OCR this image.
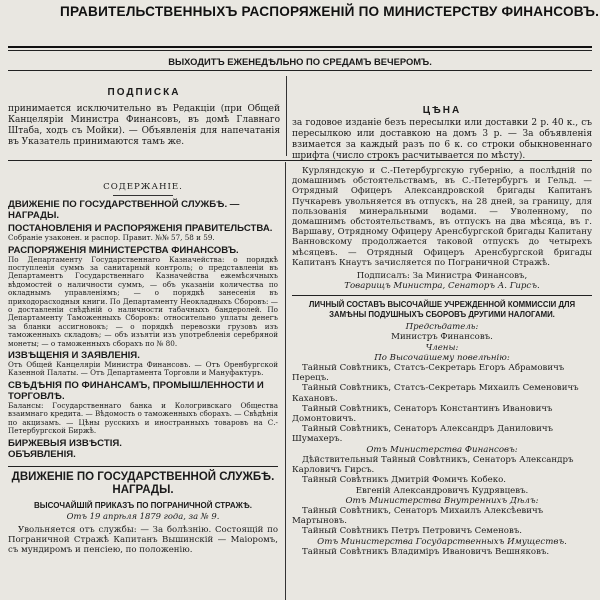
ПРАВИТЕЛЬСТВЕННЫХЪ РАСПОРЯЖЕНІЙ ПО МИНИСТЕРСТВУ ФИНАНСОВЪ.
ВЫХОДИТЪ ЕЖЕНЕДѢЛЬНО ПО СРЕДАМЪ ВЕЧЕРОМЪ.
ПОДПИСКА

принимается исключительно въ Редакціи (при Общей Канцеляріи Министра Финансовъ, въ домѣ Главнаго Штаба, ходъ съ Мойки). — Объявленія для напечатанія въ Указатель принимаются тамъ же.

ЦѢНА

за годовое изданіе безъ пересылки или доставки 2 р. 40 к., съ пересылкою или доставкою на домъ 3 р. — За объявленія взимается за каждый разъ по 6 к. со строки обыкновеннаго шрифта (число строкъ расчитывается по мѣсту).

СОДЕРЖАНІЕ.

ДВИЖЕНІЕ ПО ГОСУДАРСТВЕННОЙ СЛУЖБѢ. — НАГРАДЫ.

ПОСТАНОВЛЕНІЯ И РАСПОРЯЖЕНІЯ ПРАВИТЕЛЬСТВА.

Собраніе узаконен. и распор. Правит. №№ 57, 58 и 59.

РАСПОРЯЖЕНІЯ МИНИСТЕРСТВА ФИНАНСОВЪ.

По Департаменту Государственнаго Казначейства: о порядкѣ поступленія суммъ за санитарный контроль; о представленіи въ Департаментъ Государственнаго Казначейства ежемѣсячныхъ вѣдомостей о наличности суммъ, — объ указаніи количества по окладнымъ управленіямъ; — о порядкѣ занесенія въ приходорасходныя книги. По Департаменту Неокладныхъ Сборовъ: — о доставленіи свѣдѣній о наличности табачныхъ бандеролей. По Департаменту Таможенныхъ Сборовъ: относительно уплаты денегъ за бланки ассигновокъ; — о порядкѣ перевозки грузовъ изъ таможенныхъ складовъ; — объ изъятіи изъ употребленія серебряной монеты; — о таможенныхъ сборахъ по № 80.

ИЗВѢЩЕНІЯ И ЗАЯВЛЕНІЯ.

Отъ Общей Канцеляріи Министра Финансовъ. — Отъ Оренбургской Казенной Палаты. — Отъ Департамента Торговли и Мануфактуръ.

СВѢДѢНІЯ ПО ФИНАНСАМЪ, ПРОМЫШЛЕННОСТИ И ТОРГОВЛѢ.

Балансы: Государственнаго банка и Кологривскаго Общества взаимнаго кредита. — Вѣдомость о таможенныхъ сборахъ. — Свѣдѣнія по акцизамъ. — Цѣны русскихъ и иностранныхъ товаровъ на С.-Петербургской Биржѣ.

БИРЖЕВЫЯ ИЗВѢСТІЯ.

ОБЪЯВЛЕНІЯ.

ДВИЖЕНІЕ ПО ГОСУДАРСТВЕННОЙ СЛУЖБѢ. НАГРАДЫ.

ВЫСОЧАЙШІЙ ПРИКАЗЪ ПО ПОГРАНИЧНОЙ СТРАЖѢ.

Отъ 19 апрѣля 1879 года, за № 9.

Увольняется отъ службы: — За болѣзнію. Состоящій по Пограничной Стражѣ Капитанъ Вышинскій — Маіоромъ, съ мундиромъ и пенсіею, по положенію.

Курляндскую и С.-Петербургскую губернію, а послѣдній по домашнимъ обстоятельствамъ, въ С.-Петербургъ и Гельд. — Отрядный Офицеръ Александровской бригады Капитанъ Пучкаревъ увольняется въ отпускъ, на 28 дней, за границу, для пользованія минеральными водами. — Уволенному, по домашнимъ обстоятельствамъ, въ отпускъ на два мѣсяца, въ г. Варшаву, Отрядному Офицеру Аренсбургской бригады Капитану Ванновскому продолжается таковой отпускъ до четырехъ мѣсяцевъ. — Отрядный Офицеръ Аренсбургской бригады Капитанъ Кнаутъ зачисляется по Пограничной Стражѣ.

Подписалъ: За Министра Финансовъ,

Товарищъ Министра, Сенаторъ А. Гирсъ.

ЛИЧНЫЙ СОСТАВЪ ВЫСОЧАЙШЕ УЧРЕЖДЕННОЙ КОММИССІИ ДЛЯ ЗАМѢНЫ ПОДУШНЫХЪ СБОРОВЪ ДРУГИМИ НАЛОГАМИ.

Предсѣдатель:

Министръ Финансовъ.

Члены:

По Высочайшему повелѣнію:

Тайный Совѣтникъ, Статсъ-Секретарь Егоръ Абрамовичъ Перецъ.

Тайный Совѣтникъ, Статсъ-Секретарь Михаилъ Семеновичъ Кахановъ.

Тайный Совѣтникъ, Сенаторъ Константинъ Ивановичъ Домонтовичъ.

Тайный Совѣтникъ, Сенаторъ Александръ Даниловичъ Шумахеръ.

Отъ Министерства Финансовъ:

Дѣйствительный Тайный Совѣтникъ, Сенаторъ Александръ Карловичъ Гирсъ.

Тайный Совѣтникъ Дмитрій Фомичъ Кобеко.

Евгеній Александровичъ Кудрявцевъ.

Отъ Министерства Внутреннихъ Дѣлъ:

Тайный Совѣтникъ, Сенаторъ Михаилъ Алексѣевичъ Мартыновъ.

Тайный Совѣтникъ Петръ Петровичъ Семеновъ.

Отъ Министерства Государственныхъ Имуществъ.

Тайный Совѣтникъ Владиміръ Ивановичъ Вешняковъ.
